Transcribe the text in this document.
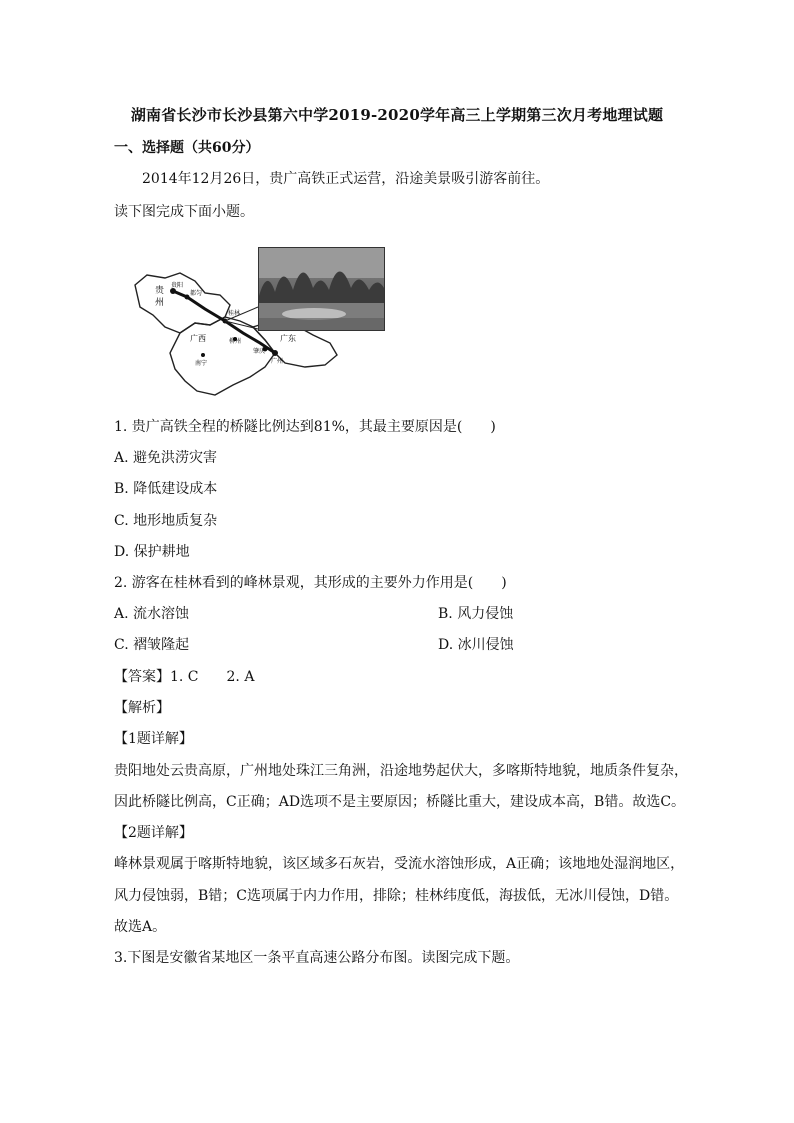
湖南省长沙市长沙县第六中学2019-2020学年高三上学期第三次月考地理试题
一、选择题（共60分）
2014年12月26日，贵广高铁正式运营，沿途美景吸引游客前往。
读下图完成下面小题。
贵
州
贵阳
都匀
桂林
广西	柳州	广东
肇庆
广州
南宁
1. 贵广高铁全程的桥隧比例达到81%，其最主要原因是(　　)
A. 避免洪涝灾害
B. 降低建设成本
C. 地形地质复杂
D. 保护耕地
2. 游客在桂林看到的峰林景观，其形成的主要外力作用是(　　)
A. 流水溶蚀	B. 风力侵蚀
C. 褶皱隆起	D. 冰川侵蚀
【答案】1. C　　2. A
【解析】
【1题详解】
贵阳地处云贵高原，广州地处珠江三角洲，沿途地势起伏大，多喀斯特地貌，地质条件复杂，
因此桥隧比例高，C正确；AD选项不是主要原因；桥隧比重大，建设成本高，B错。故选C。
【2题详解】
峰林景观属于喀斯特地貌，该区域多石灰岩，受流水溶蚀形成，A正确；该地地处湿润地区，
风力侵蚀弱，B错；C选项属于内力作用，排除；桂林纬度低，海拔低，无冰川侵蚀，D错。
故选A。
3.下图是安徽省某地区一条平直高速公路分布图。读图完成下题。
